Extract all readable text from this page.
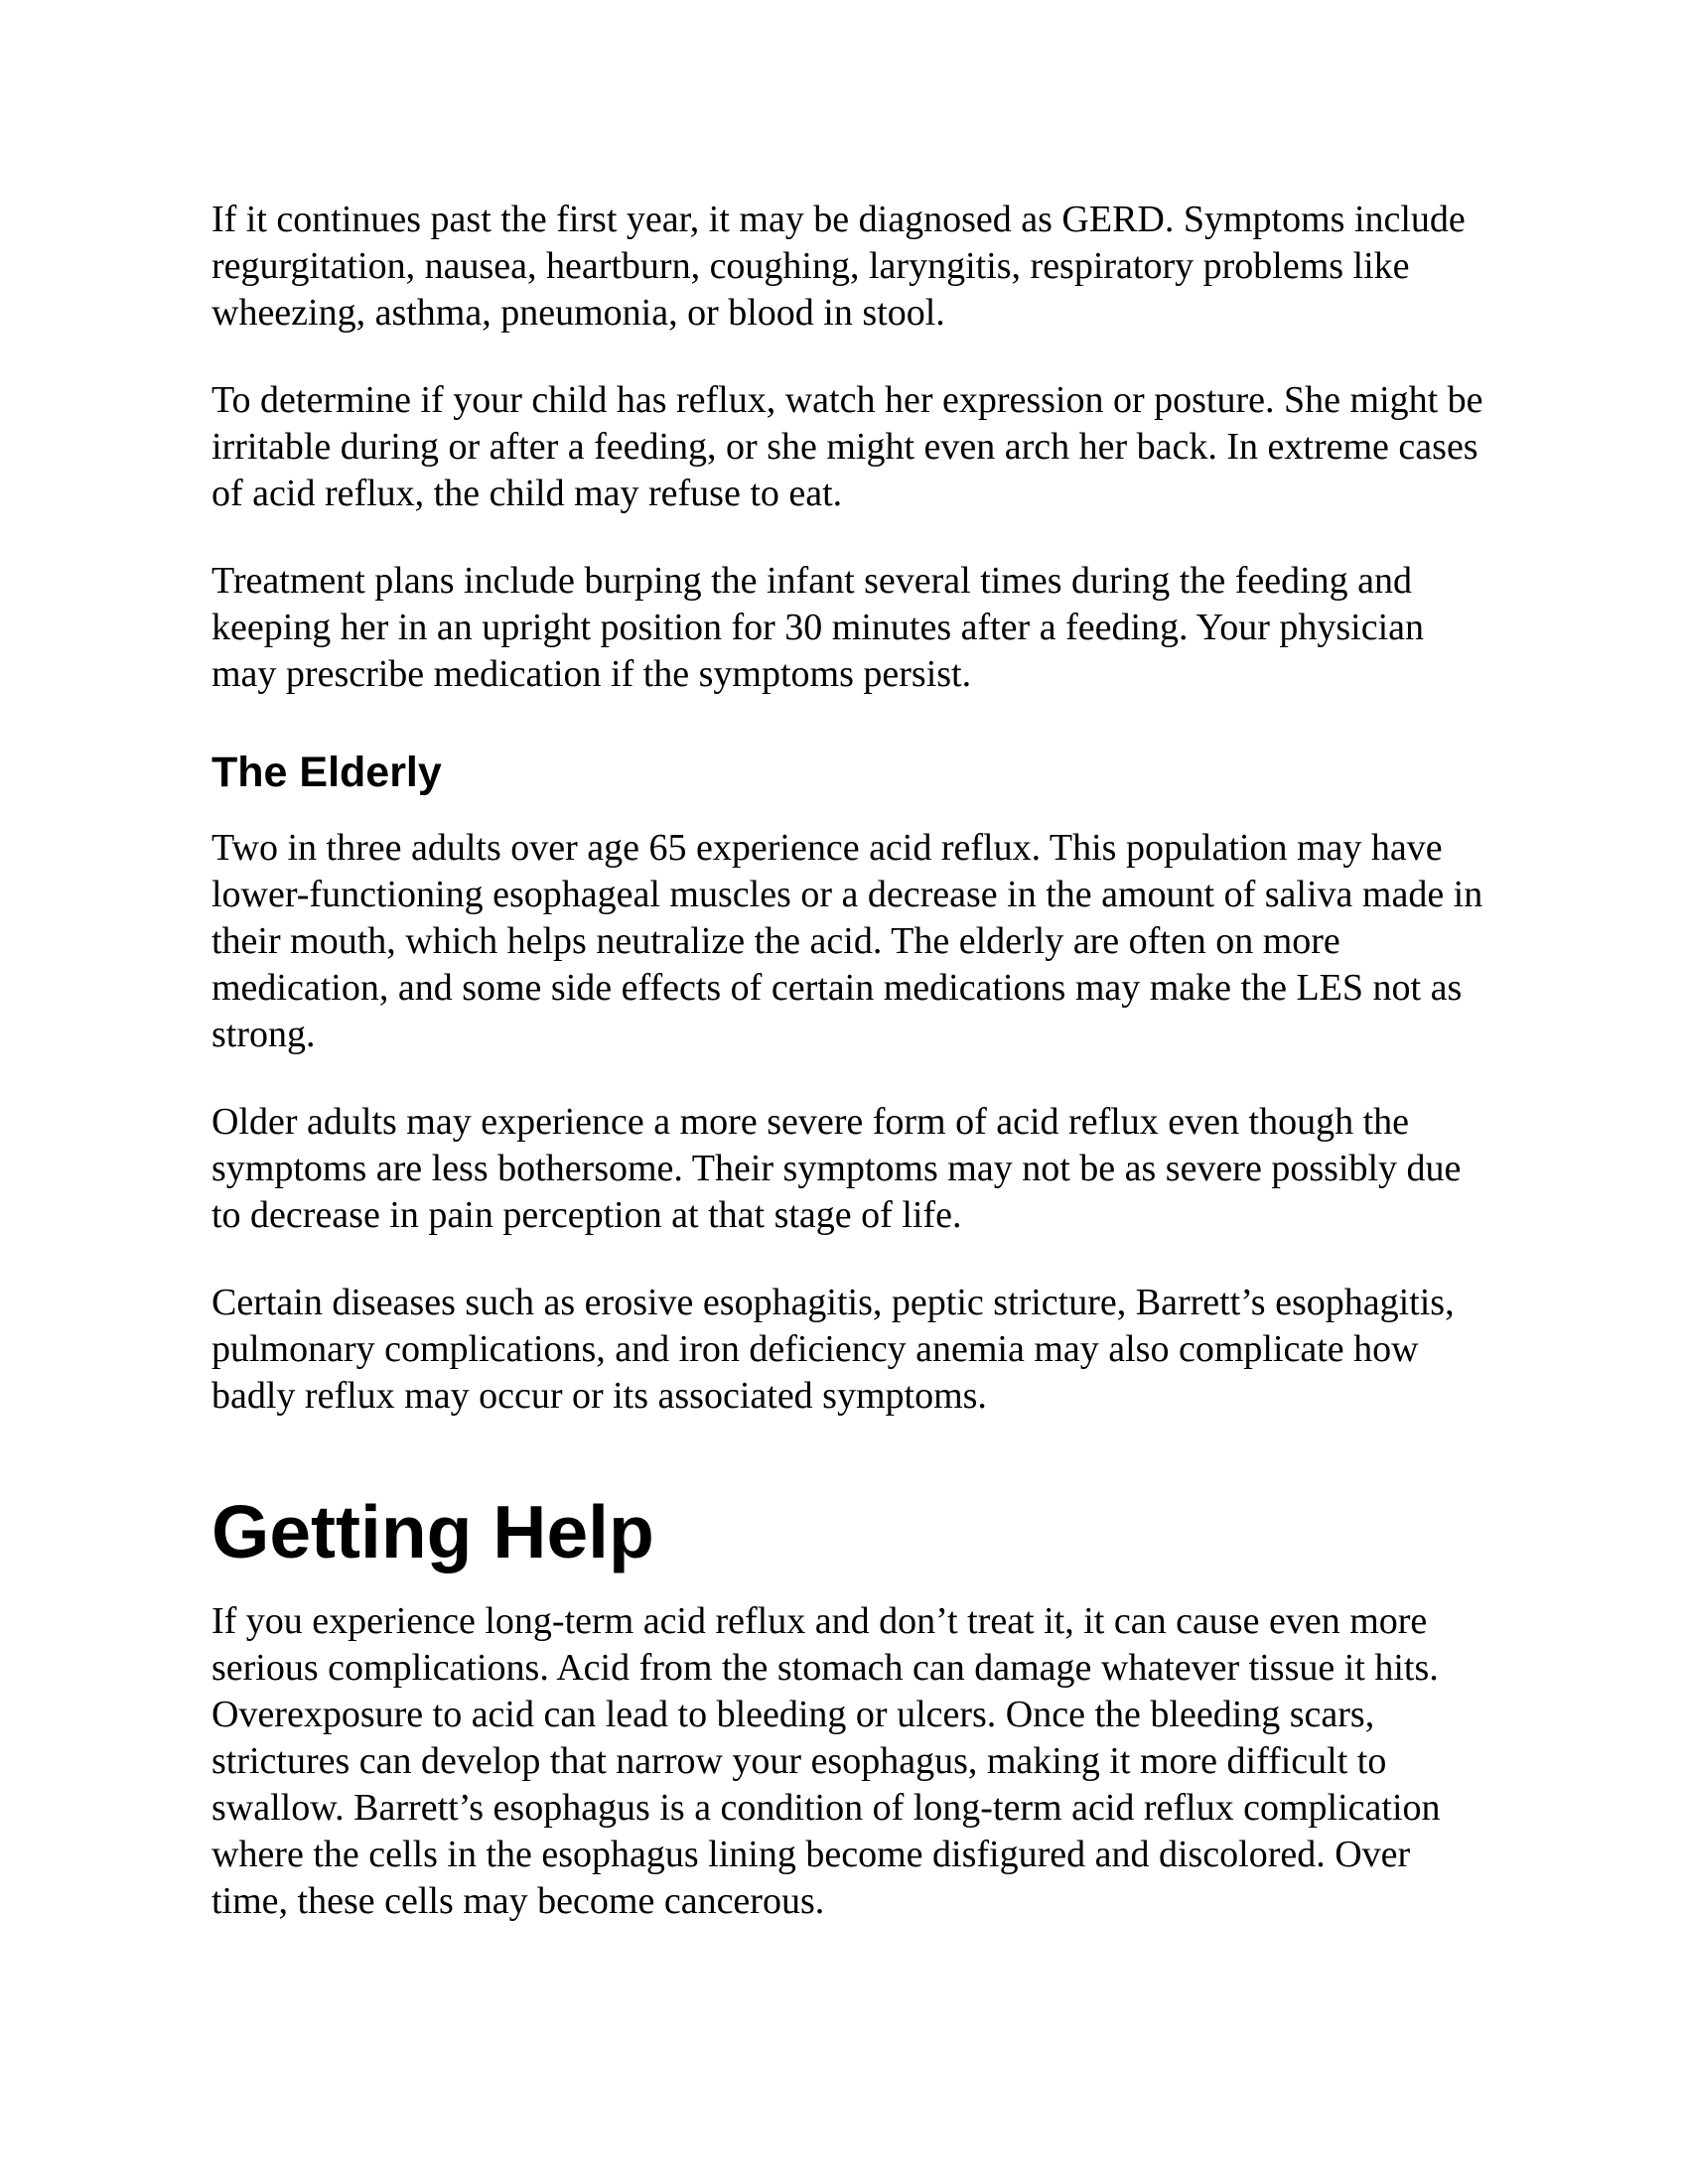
If it continues past the first year, it may be diagnosed as GERD. Symptoms include regurgitation, nausea, heartburn, coughing, laryngitis, respiratory problems like wheezing, asthma, pneumonia, or blood in stool.

To determine if your child has reflux, watch her expression or posture. She might be irritable during or after a feeding, or she might even arch her back. In extreme cases of acid reflux, the child may refuse to eat.

Treatment plans include burping the infant several times during the feeding and keeping her in an upright position for 30 minutes after a feeding. Your physician may prescribe medication if the symptoms persist.

The Elderly

Two in three adults over age 65 experience acid reflux. This population may have lower-functioning esophageal muscles or a decrease in the amount of saliva made in their mouth, which helps neutralize the acid. The elderly are often on more medication, and some side effects of certain medications may make the LES not as strong.

Older adults may experience a more severe form of acid reflux even though the symptoms are less bothersome. Their symptoms may not be as severe possibly due to decrease in pain perception at that stage of life.

Certain diseases such as erosive esophagitis, peptic stricture, Barrett’s esophagitis, pulmonary complications, and iron deficiency anemia may also complicate how badly reflux may occur or its associated symptoms.

Getting Help

If you experience long-term acid reflux and don’t treat it, it can cause even more serious complications. Acid from the stomach can damage whatever tissue it hits. Overexposure to acid can lead to bleeding or ulcers. Once the bleeding scars, strictures can develop that narrow your esophagus, making it more difficult to swallow. Barrett’s esophagus is a condition of long-term acid reflux complication where the cells in the esophagus lining become disfigured and discolored. Over time, these cells may become cancerous.
